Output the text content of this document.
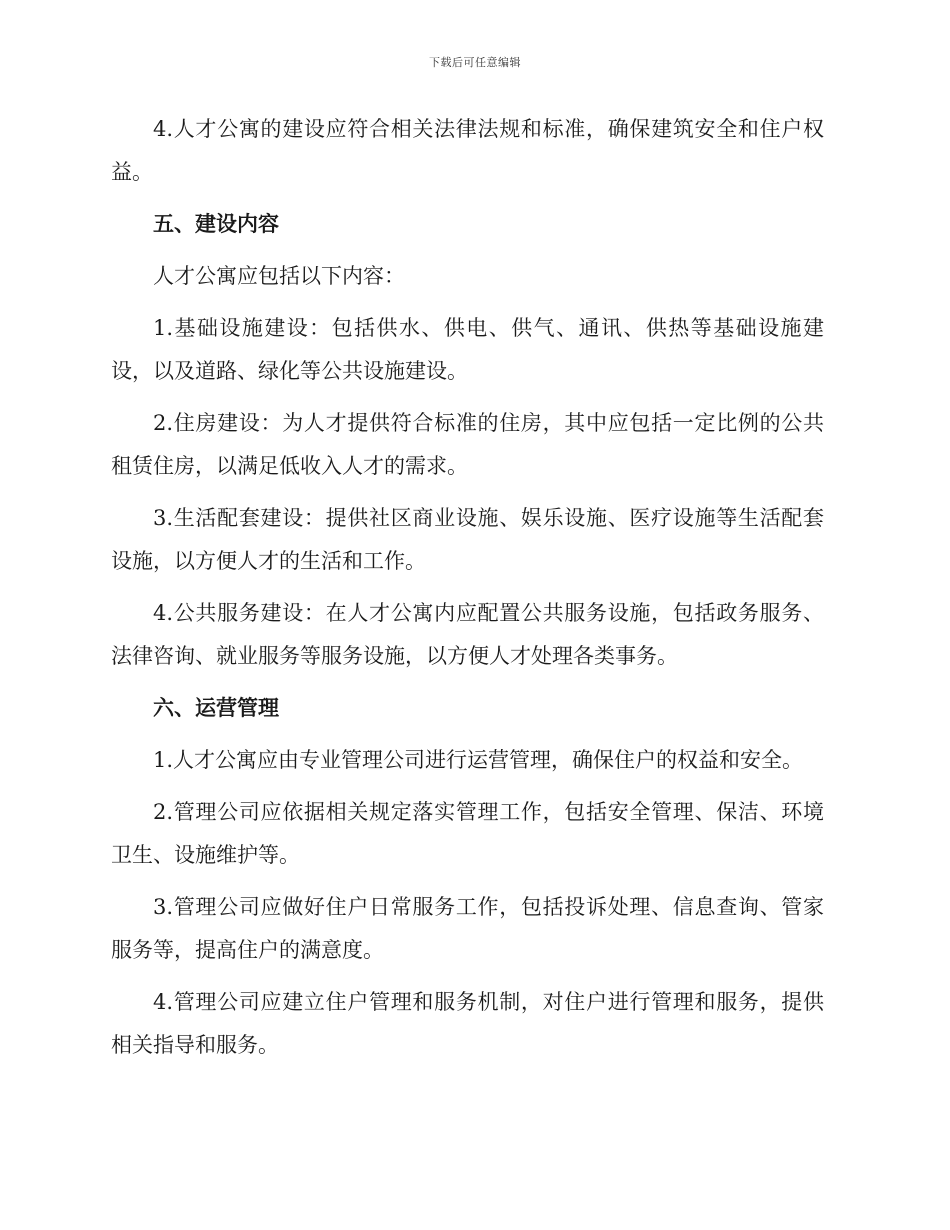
下载后可任意编辑

4.人才公寓的建设应符合相关法律法规和标准，确保建筑安全和住户权益。

五、建设内容

人才公寓应包括以下内容：

1.基础设施建设：包括供水、供电、供气、通讯、供热等基础设施建设，以及道路、绿化等公共设施建设。

2.住房建设：为人才提供符合标准的住房，其中应包括一定比例的公共租赁住房，以满足低收入人才的需求。

3.生活配套建设：提供社区商业设施、娱乐设施、医疗设施等生活配套设施，以方便人才的生活和工作。

4.公共服务建设：在人才公寓内应配置公共服务设施，包括政务服务、法律咨询、就业服务等服务设施，以方便人才处理各类事务。

六、运营管理

1.人才公寓应由专业管理公司进行运营管理，确保住户的权益和安全。

2.管理公司应依据相关规定落实管理工作，包括安全管理、保洁、环境卫生、设施维护等。

3.管理公司应做好住户日常服务工作，包括投诉处理、信息查询、管家服务等，提高住户的满意度。

4.管理公司应建立住户管理和服务机制，对住户进行管理和服务，提供相关指导和服务。
